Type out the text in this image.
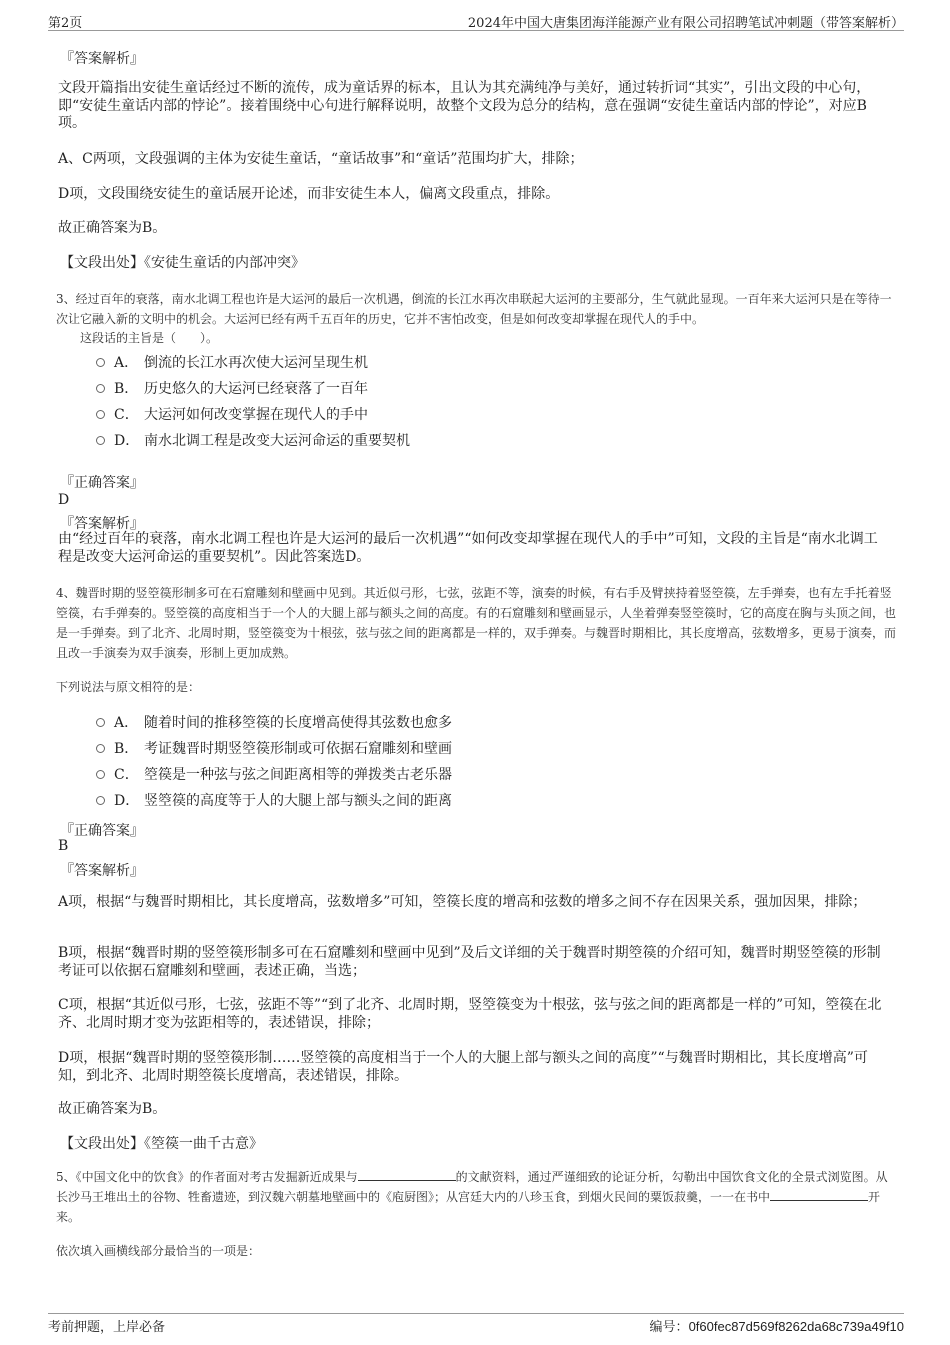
第2页	2024年中国大唐集团海洋能源产业有限公司招聘笔试冲刺题（带答案解析）
『答案解析』

文段开篇指出安徒生童话经过不断的流传，成为童话界的标本，且认为其充满纯净与美好，通过转折词“其实”，引出文段的中心句，即“安徒生童话内部的悖论”。接着围绕中心句进行解释说明，故整个文段为总分的结构，意在强调“安徒生童话内部的悖论”，对应B项。

A、C两项，文段强调的主体为安徒生童话，“童话故事”和“童话”范围均扩大，排除；

D项，文段围绕安徒生的童话展开论述，而非安徒生本人，偏离文段重点，排除。

故正确答案为B。

【文段出处】《安徒生童话的内部冲突》

3、经过百年的衰落，南水北调工程也许是大运河的最后一次机遇，倒流的长江水再次串联起大运河的主要部分，生气就此显现。一百年来大运河只是在等待一次让它融入新的文明中的机会。大运河已经有两千五百年的历史，它并不害怕改变，但是如何改变却掌握在现代人的手中。

这段话的主旨是（　　）。
A． 倒流的长江水再次使大运河呈现生机
B． 历史悠久的大运河已经衰落了一百年
C． 大运河如何改变掌握在现代人的手中
D． 南水北调工程是改变大运河命运的重要契机
『正确答案』
D
『答案解析』

由“经过百年的衰落，南水北调工程也许是大运河的最后一次机遇”“如何改变却掌握在现代人的手中”可知，文段的主旨是“南水北调工程是改变大运河命运的重要契机”。因此答案选D。

4、魏晋时期的竖箜篌形制多可在石窟雕刻和壁画中见到。其近似弓形，七弦，弦距不等，演奏的时候，有右手及臂挟持着竖箜篌，左手弹奏，也有左手托着竖箜篌，右手弹奏的。竖箜篌的高度相当于一个人的大腿上部与额头之间的高度。有的石窟雕刻和壁画显示，人坐着弹奏竖箜篌时，它的高度在胸与头顶之间，也是一手弹奏。到了北齐、北周时期，竖箜篌变为十根弦，弦与弦之间的距离都是一样的，双手弹奏。与魏晋时期相比，其长度增高，弦数增多，更易于演奏，而且改一手演奏为双手演奏，形制上更加成熟。

下列说法与原文相符的是：
A． 随着时间的推移箜篌的长度增高使得其弦数也愈多
B． 考证魏晋时期竖箜篌形制或可依据石窟雕刻和壁画
C． 箜篌是一种弦与弦之间距离相等的弹拨类古老乐器
D． 竖箜篌的高度等于人的大腿上部与额头之间的距离
『正确答案』
B
『答案解析』

A项，根据“与魏晋时期相比，其长度增高，弦数增多”可知，箜篌长度的增高和弦数的增多之间不存在因果关系，强加因果，排除；

B项，根据“魏晋时期的竖箜篌形制多可在石窟雕刻和壁画中见到”及后文详细的关于魏晋时期箜篌的介绍可知，魏晋时期竖箜篌的形制考证可以依据石窟雕刻和壁画，表述正确，当选；

C项，根据“其近似弓形，七弦，弦距不等”“到了北齐、北周时期，竖箜篌变为十根弦，弦与弦之间的距离都是一样的”可知，箜篌在北齐、北周时期才变为弦距相等的，表述错误，排除；

D项，根据“魏晋时期的竖箜篌形制……竖箜篌的高度相当于一个人的大腿上部与额头之间的高度”“与魏晋时期相比，其长度增高”可知，到北齐、北周时期箜篌长度增高，表述错误，排除。

故正确答案为B。

【文段出处】《箜篌一曲千古意》

5、《中国文化中的饮食》的作者面对考古发掘新近成果与	的文献资料，通过严谨细致的论证分析，勾勒出中国饮食文化的全景式浏览图。从长沙马王堆出土的谷物、牲畜遗迹，到汉魏六朝墓地壁画中的《庖厨图》；从宫廷大内的八珍玉食，到烟火民间的粟饭菽羹，一一在书中	开来。

依次填入画横线部分最恰当的一项是：
考前押题，上岸必备	编号：0f60fec87d569f8262da68c739a49f10
